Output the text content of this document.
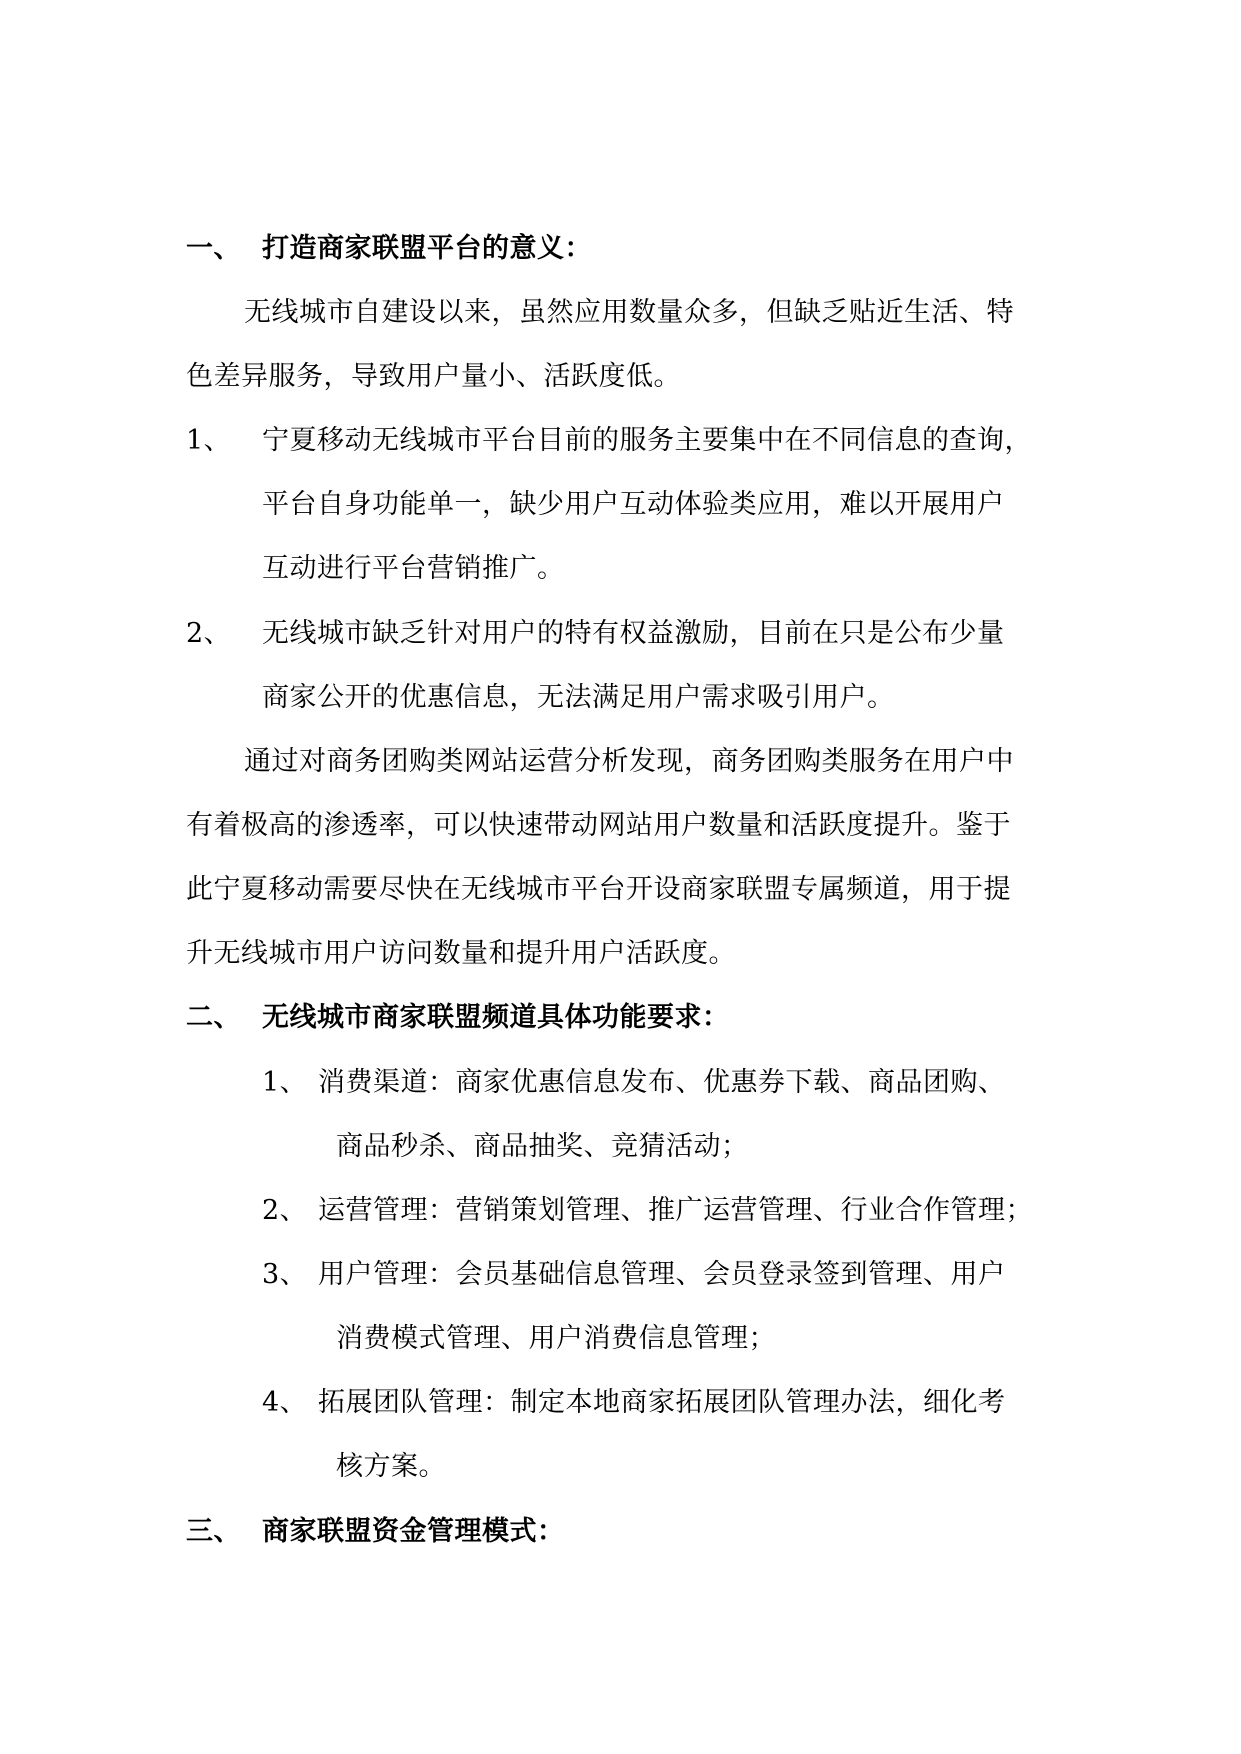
一、 打造商家联盟平台的意义：
无线城市自建设以来，虽然应用数量众多，但缺乏贴近生活、特
色差异服务，导致用户量小、活跃度低。
1、 宁夏移动无线城市平台目前的服务主要集中在不同信息的查询，
平台自身功能单一，缺少用户互动体验类应用，难以开展用户
互动进行平台营销推广。
2、 无线城市缺乏针对用户的特有权益激励，目前在只是公布少量
商家公开的优惠信息，无法满足用户需求吸引用户。
通过对商务团购类网站运营分析发现，商务团购类服务在用户中
有着极高的渗透率，可以快速带动网站用户数量和活跃度提升。鉴于
此宁夏移动需要尽快在无线城市平台开设商家联盟专属频道，用于提
升无线城市用户访问数量和提升用户活跃度。
二、 无线城市商家联盟频道具体功能要求：
1、 消费渠道：商家优惠信息发布、优惠券下载、商品团购、
商品秒杀、商品抽奖、竞猜活动；
2、 运营管理：营销策划管理、推广运营管理、行业合作管理；
3、 用户管理：会员基础信息管理、会员登录签到管理、用户
消费模式管理、用户消费信息管理；
4、 拓展团队管理：制定本地商家拓展团队管理办法，细化考
核方案。
三、 商家联盟资金管理模式：
